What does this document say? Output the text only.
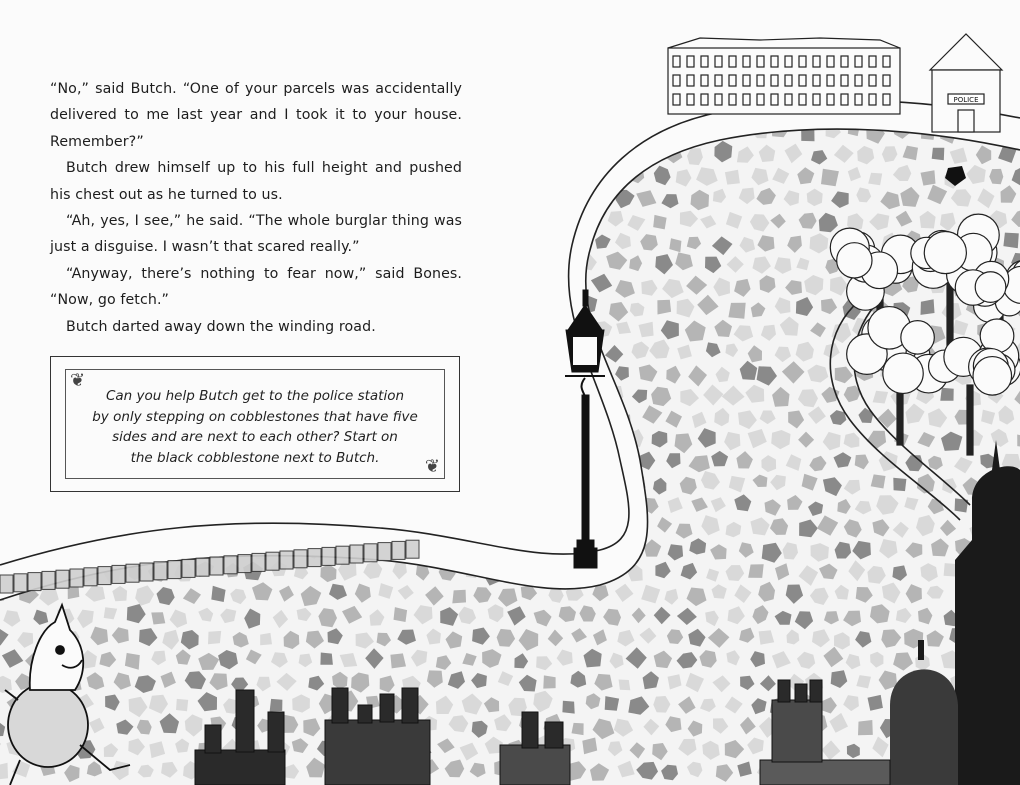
POLICE

“No,” said Butch. “One of your parcels was accidentally delivered to me last year and I took it to your house. Remember?”

Butch drew himself up to his full height and pushed his chest out as he turned to us.

“Ah, yes, I see,” he said. “The whole burglar thing was just a disguise. I wasn’t that scared really.”

“Anyway, there’s nothing to fear now,” said Bones. “Now, go fetch.”

Butch darted away down the winding road.

❦
❦
Can you help Butch get to the police station
by only stepping on cobblestones that have five
sides and are next to each other? Start on
the black cobblestone next to Butch.
